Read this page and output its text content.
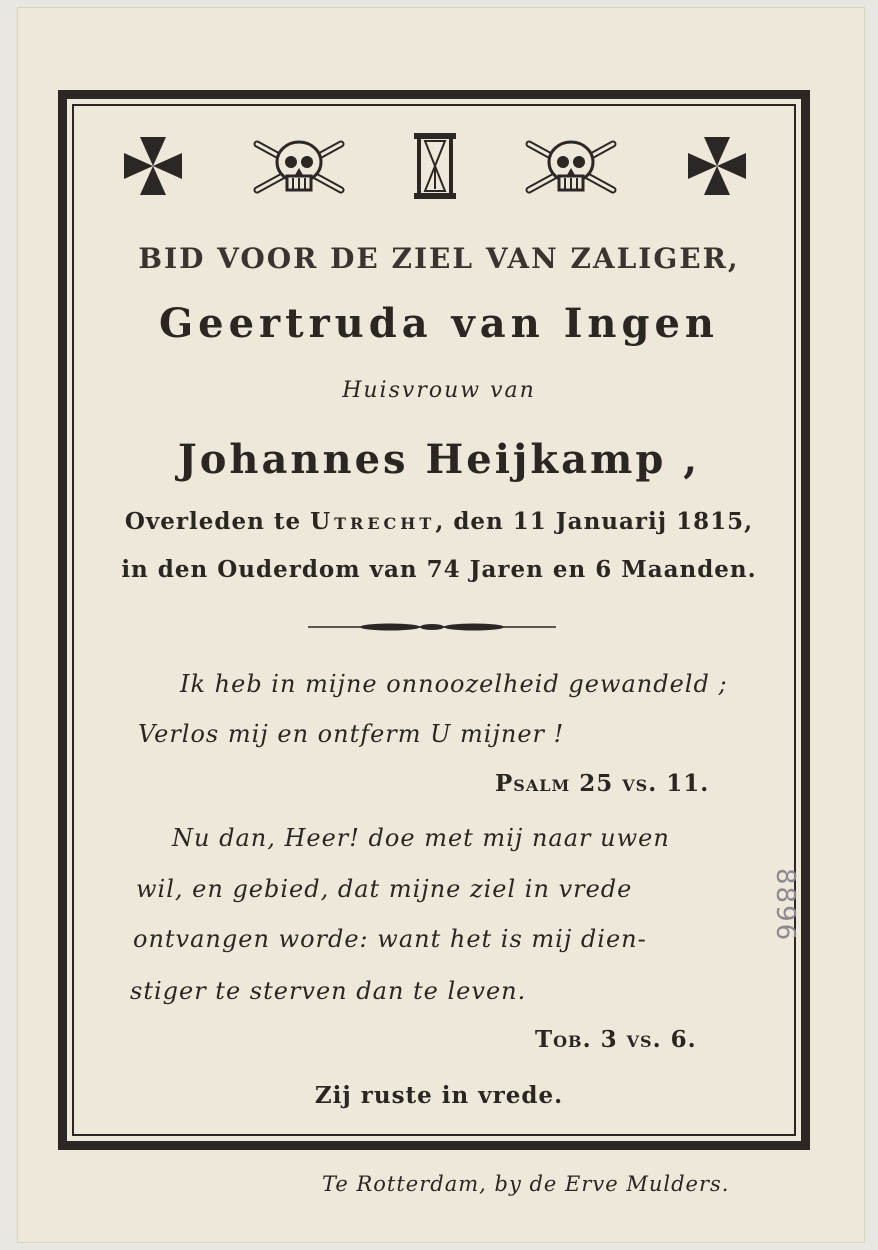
BID VOOR DE ZIEL VAN ZALIGER,
Geertruda van Ingen
Huisvrouw van
Johannes Heijkamp ,
Overleden te Utrecht, den 11 Januarij 1815,
in den Ouderdom van 74 Jaren en 6 Maanden.
Ik heb in mijne onnoozelheid gewandeld ;
Verlos mij en ontferm U mijner !
Psalm 25 vs. 11.
Nu dan, Heer! doe met mij naar uwen
wil, en gebied, dat mijne ziel in vrede
ontvangen worde: want het is mij dien-
stiger te sterven dan te leven.
Tob. 3 vs. 6.
Zij ruste in vrede.
Te Rotterdam, by de Erve Mulders.
8896
